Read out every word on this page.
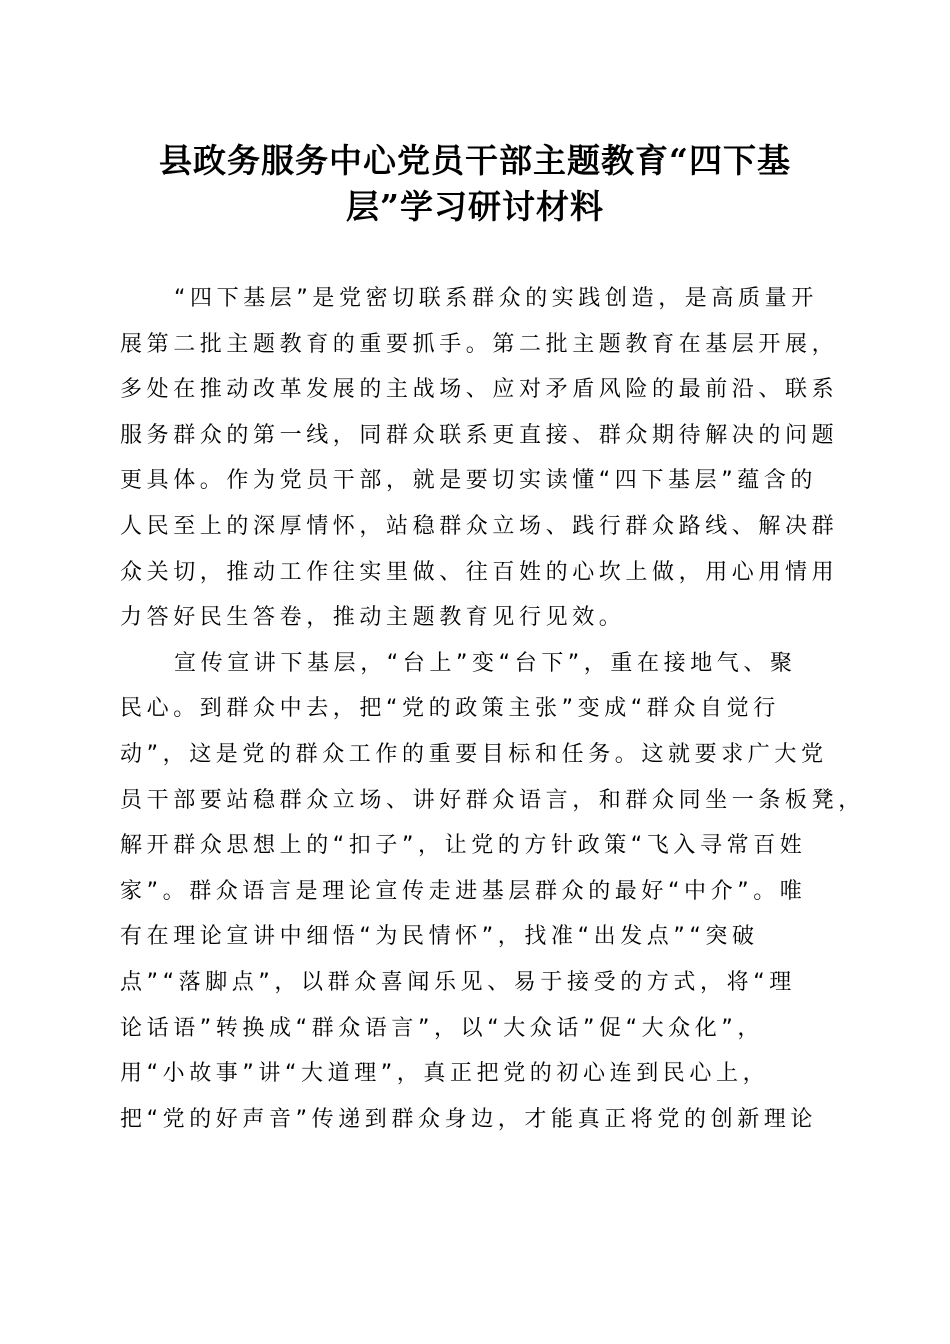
县政务服务中心党员干部主题教育“四下基
层”学习研讨材料
“四下基层”是党密切联系群众的实践创造，是高质量开
展第二批主题教育的重要抓手。第二批主题教育在基层开展，
多处在推动改革发展的主战场、应对矛盾风险的最前沿、联系
服务群众的第一线，同群众联系更直接、群众期待解决的问题
更具体。作为党员干部，就是要切实读懂“四下基层”蕴含的
人民至上的深厚情怀，站稳群众立场、践行群众路线、解决群
众关切，推动工作往实里做、往百姓的心坎上做，用心用情用
力答好民生答卷，推动主题教育见行见效。
宣传宣讲下基层，“台上”变“台下”，重在接地气、聚
民心。到群众中去，把“党的政策主张”变成“群众自觉行
动”，这是党的群众工作的重要目标和任务。这就要求广大党
员干部要站稳群众立场、讲好群众语言，和群众同坐一条板凳，
解开群众思想上的“扣子”，让党的方针政策“飞入寻常百姓
家”。群众语言是理论宣传走进基层群众的最好“中介”。唯
有在理论宣讲中细悟“为民情怀”，找准“出发点”“突破
点”“落脚点”，以群众喜闻乐见、易于接受的方式，将“理
论话语”转换成“群众语言”，以“大众话”促“大众化”，
用“小故事”讲“大道理”，真正把党的初心连到民心上，
把“党的好声音”传递到群众身边，才能真正将党的创新理论
